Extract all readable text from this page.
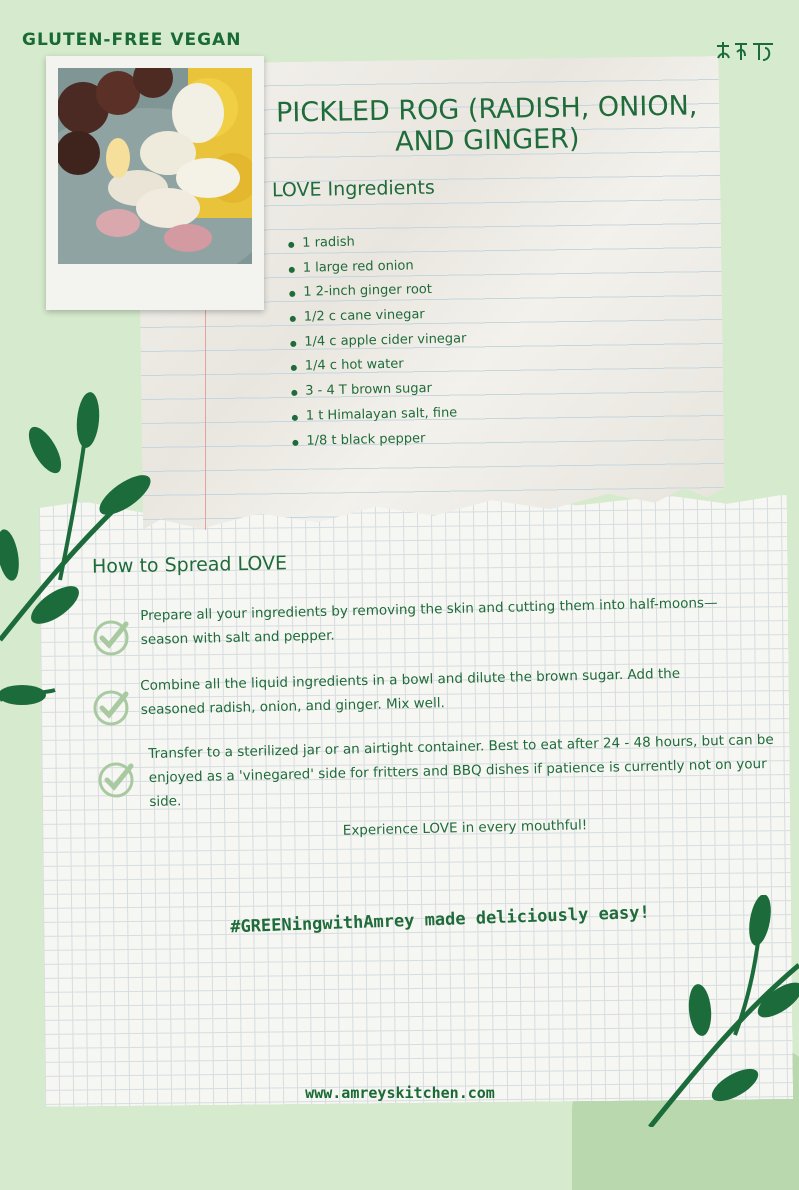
GLUTEN-FREE VEGAN
PICKLED ROG (RADISH, ONION, AND GINGER)
LOVE Ingredients
1 radish
1 large red onion
1 2-inch ginger root
1/2 c cane vinegar
1/4 c apple cider vinegar
1/4 c hot water
3 - 4 T brown sugar
1 t Himalayan salt, fine
1/8 t black pepper
How to Spread LOVE
Prepare all your ingredients by removing the skin and cutting them into half-moons—season with salt and pepper.
Combine all the liquid ingredients in a bowl and dilute the brown sugar. Add the seasoned radish, onion, and ginger. Mix well.
Transfer to a sterilized jar or an airtight container. Best to eat after 24 - 48 hours, but can be enjoyed as a 'vinegared' side for fritters and BBQ dishes if patience is currently not on your side.
Experience LOVE in every mouthful!
#GREENingwithAmrey made deliciously easy!
www.amreyskitchen.com
